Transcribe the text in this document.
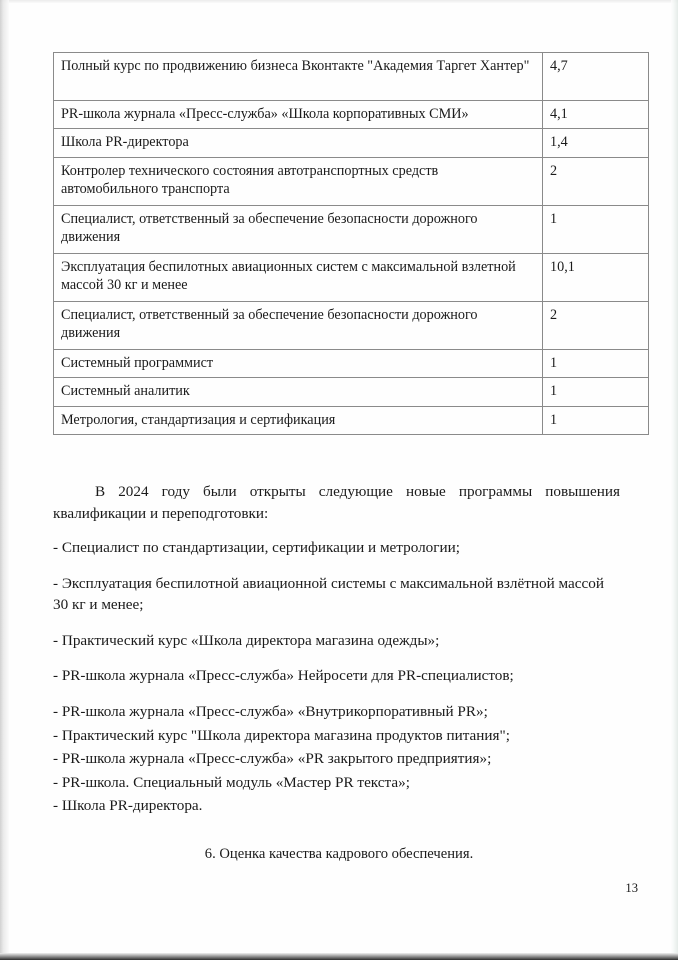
Полный курс по продвижению бизнеса Вконтакте "Академия Таргет Хантер"	4,7
PR-школа журнала «Пресс-служба» «Школа корпоративных СМИ»	4,1
Школа PR-директора	1,4
Контролер технического состояния автотранспортных средств автомобильного транспорта	2
Специалист, ответственный за обеспечение безопасности дорожного движения	1
Эксплуатация беспилотных авиационных систем с максимальной взлетной массой 30 кг и менее	10,1
Специалист, ответственный за обеспечение безопасности дорожного движения	2
Системный программист	1
Системный аналитик	1
Метрология, стандартизация и сертификация	1

В 2024 году были открыты следующие новые программы повышения квалификации и переподготовки:

- Специалист по стандартизации, сертификации и метрологии;

- Эксплуатация беспилотной авиационной системы с максимальной взлётной массой 30 кг и менее;

- Практический курс «Школа директора магазина одежды»;

- PR-школа журнала «Пресс-служба» Нейросети для PR-специалистов;

- PR-школа журнала «Пресс-служба» «Внутрикорпоративный PR»;

- Практический курс "Школа директора магазина продуктов питания";

- PR-школа журнала «Пресс-служба» «PR закрытого предприятия»;

- PR-школа. Специальный модуль «Мастер PR текста»;

- Школа PR-директора.

6. Оценка качества кадрового обеспечения.
13
